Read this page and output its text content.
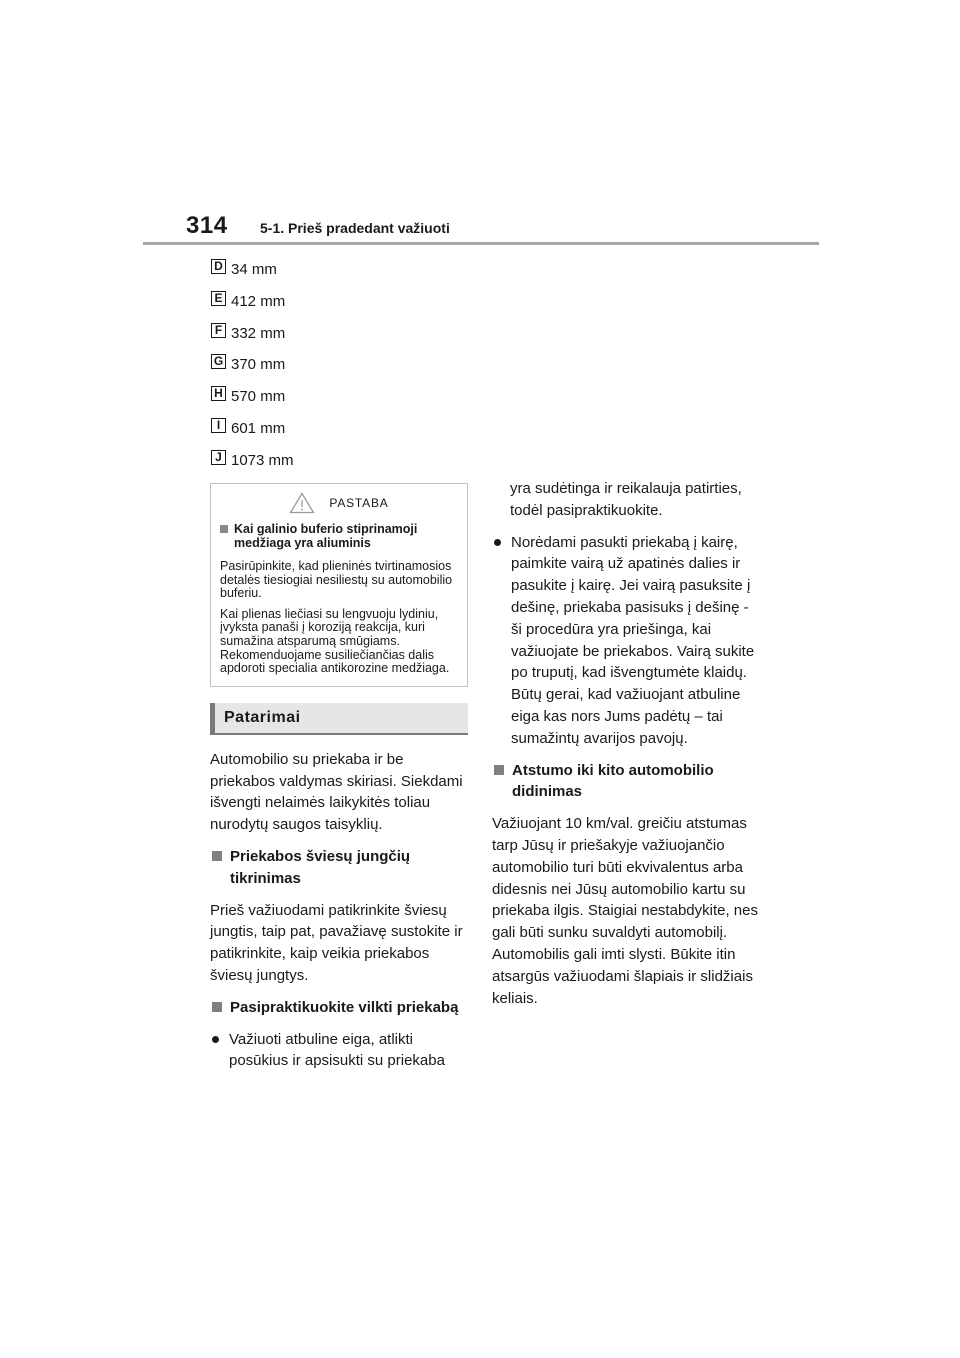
314 5-1. Prieš pradedant važiuoti
D 34 mm
E 412 mm
F 332 mm
G 370 mm
H 570 mm
I 601 mm
J 1073 mm
PASTABA
Kai galinio buferio stiprinamoji medžiaga yra aliuminis

Pasirūpinkite, kad plieninės tvirtinamosios detalės tiesiogiai nesiliestų su automobilio buferiu.

Kai plienas liečiasi su lengvuoju lydiniu, įvyksta panaši į koroziją reakcija, kuri sumažina atsparumą smūgiams. Rekomenduojame susiliečiančias dalis apdoroti specialia antikorozine medžiaga.

Patarimai

Automobilio su priekaba ir be priekabos valdymas skiriasi. Siekdami išvengti nelaimės laikykitės toliau nurodytų saugos taisyklių.

Priekabos šviesų jungčių tikrinimas

Prieš važiuodami patikrinkite šviesų jungtis, taip pat, pavažiavę sustokite ir patikrinkite, kaip veikia priekabos šviesų jungtys.

Pasipraktikuokite vilkti priekabą
Važiuoti atbuline eiga, atlikti posūkius ir apsisukti su priekaba

yra sudėtinga ir reikalauja patirties, todėl pasipraktikuokite.

Norėdami pasukti priekabą į kairę, paimkite vairą už apatinės dalies ir pasukite į kairę. Jei vairą pasuksite į dešinę, priekaba pasisuks į dešinę - ši procedūra yra priešinga, kai važiuojate be priekabos. Vairą sukite po truputį, kad išvengtumėte klaidų. Būtų gerai, kad važiuojant atbuline eiga kas nors Jums padėtų – tai sumažintų avarijos pavojų.
Atstumo iki kito automobilio didinimas

Važiuojant 10 km/val. greičiu atstumas tarp Jūsų ir priešakyje važiuojančio automobilio turi būti ekvivalentus arba didesnis nei Jūsų automobilio kartu su priekaba ilgis. Staigiai nestabdykite, nes gali būti sunku suvaldyti automobilį. Automobilis gali imti slysti. Būkite itin atsargūs važiuodami šlapiais ir slidžiais keliais.
